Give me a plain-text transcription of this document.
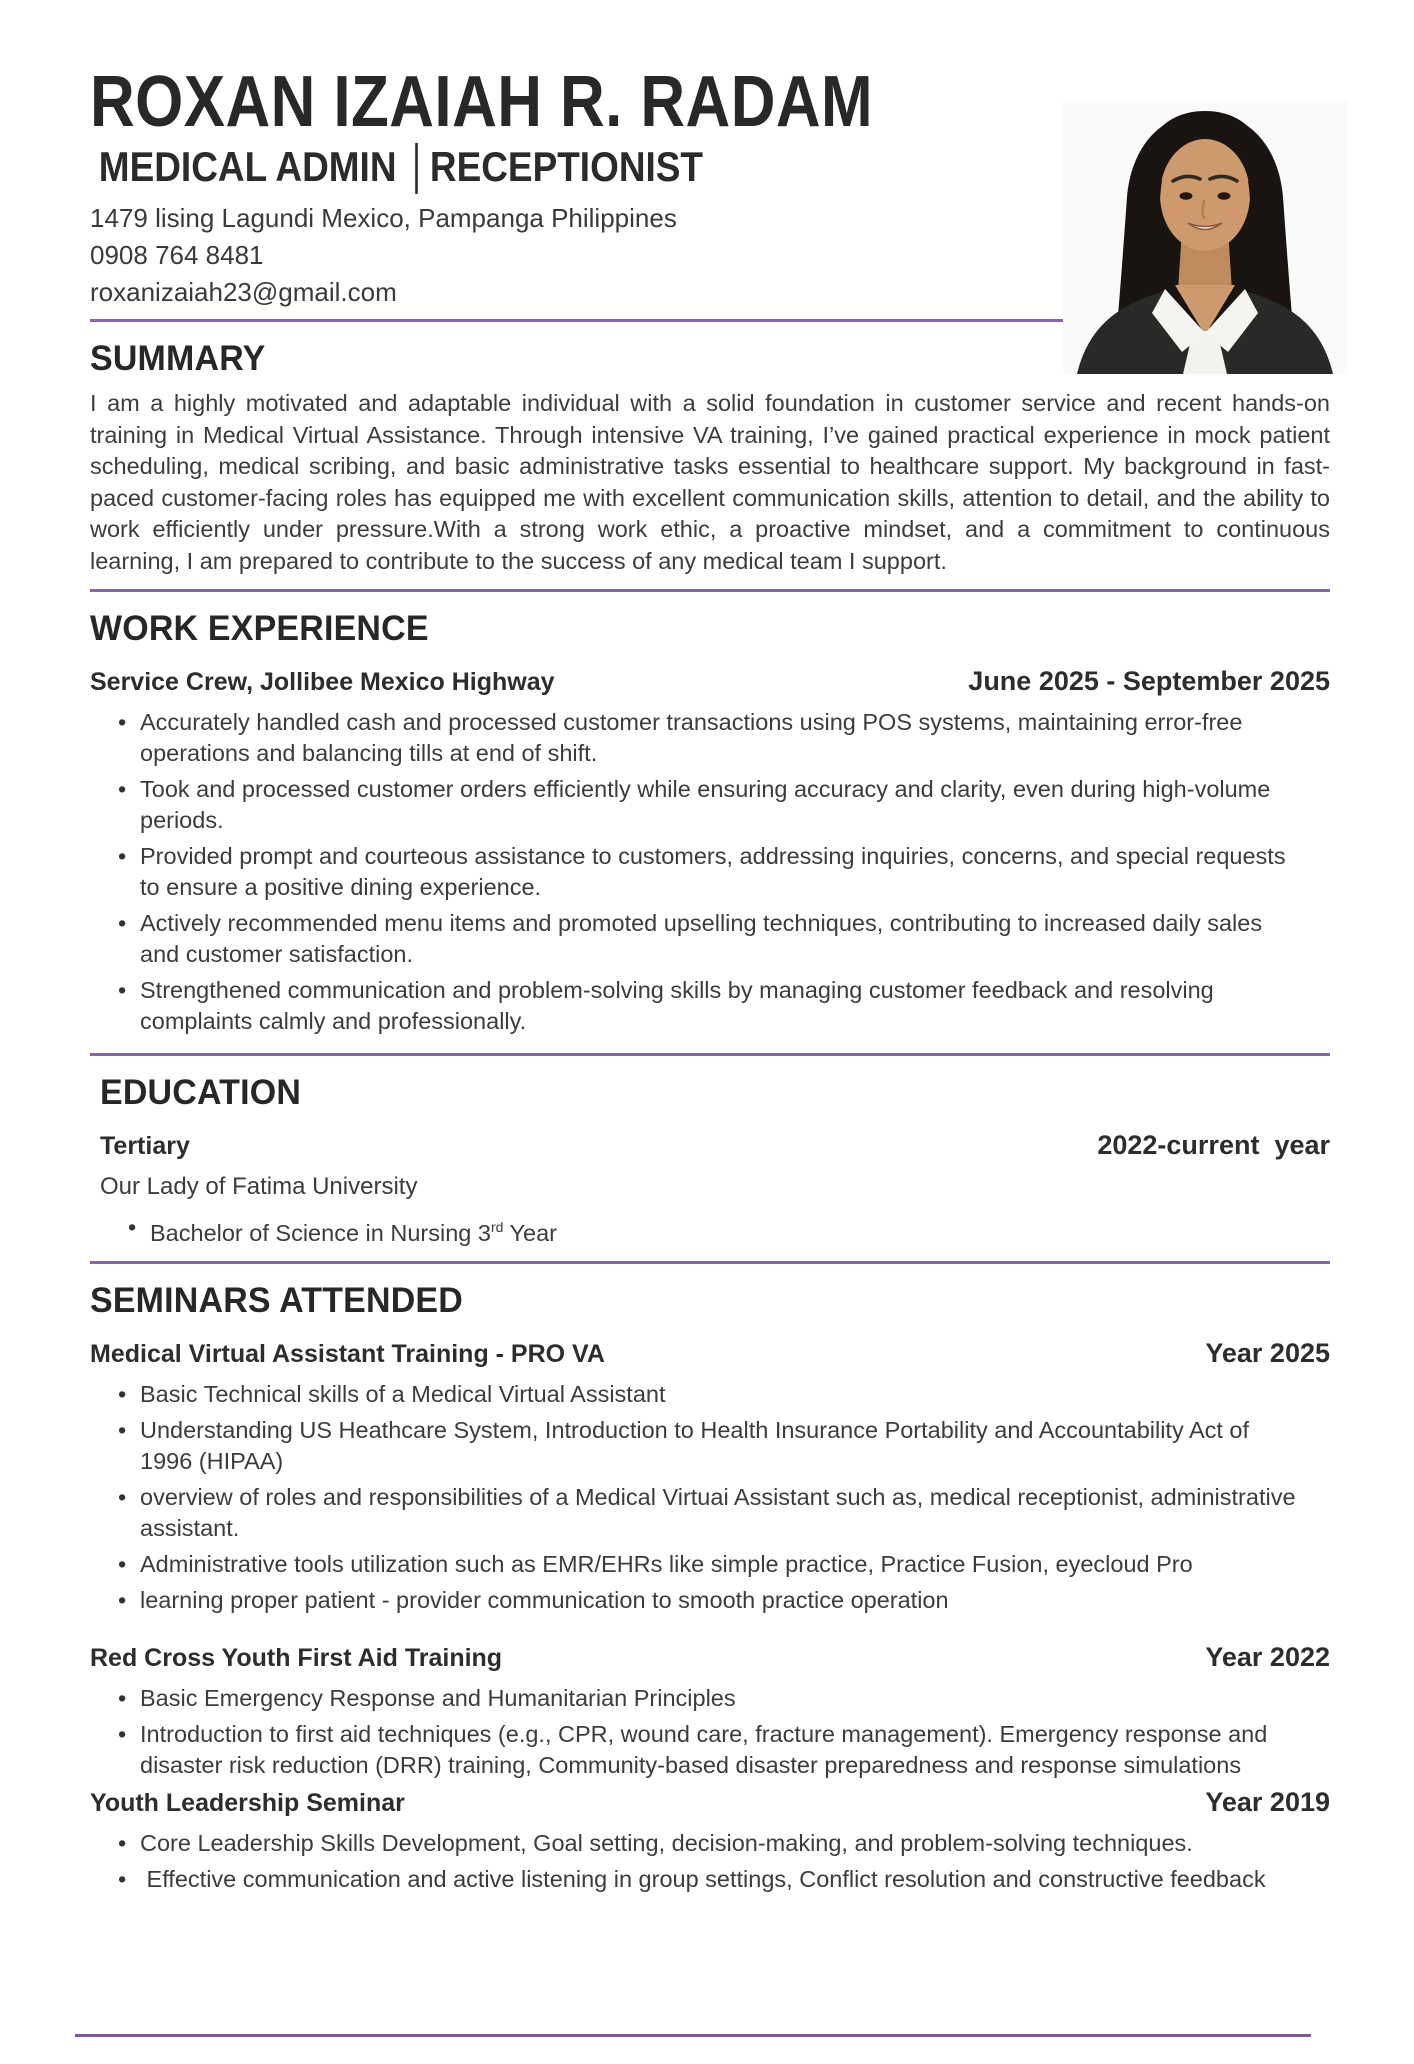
ROXAN IZAIAH R. RADAM
MEDICAL ADMIN │RECEPTIONIST
1479 lising Lagundi Mexico, Pampanga Philippines
0908 764 8481
roxanizaiah23@gmail.com
SUMMARY

I am a highly motivated and adaptable individual with a solid foundation in customer service and recent hands-on training in Medical Virtual Assistance. Through intensive VA training, I’ve gained practical experience in mock patient scheduling, medical scribing, and basic administrative tasks essential to healthcare support. My background in fast-paced customer-facing roles has equipped me with excellent communication skills, attention to detail, and the ability to work efficiently under pressure.With a strong work ethic, a proactive mindset, and a commitment to continuous learning, I am prepared to contribute to the success of any medical team I support.

WORK EXPERIENCE
Service Crew, Jollibee Mexico Highway	June 2025 - September 2025
• Accurately handled cash and processed customer transactions using POS systems, maintaining error-free operations and balancing tills at end of shift.
• Took and processed customer orders efficiently while ensuring accuracy and clarity, even during high-volume periods.
• Provided prompt and courteous assistance to customers, addressing inquiries, concerns, and special requests to ensure a positive dining experience.
• Actively recommended menu items and promoted upselling techniques, contributing to increased daily sales and customer satisfaction.
• Strengthened communication and problem-solving skills by managing customer feedback and resolving complaints calmly and professionally.
EDUCATION
Tertiary	2022-current  year
Our Lady of Fatima University
• Bachelor of Science in Nursing 3rd Year
SEMINARS ATTENDED
Medical Virtual Assistant Training - PRO VA	Year 2025
• Basic Technical skills of a Medical Virtual Assistant
• Understanding US Heathcare System, Introduction to Health Insurance Portability and Accountability Act of 1996 (HIPAA)
• overview of roles and responsibilities of a Medical Virtuai Assistant such as, medical receptionist, administrative assistant.
• Administrative tools utilization such as EMR/EHRs like simple practice, Practice Fusion, eyecloud Pro
• learning proper patient - provider communication to smooth practice operation
Red Cross Youth First Aid Training	Year 2022
• Basic Emergency Response and Humanitarian Principles
• Introduction to first aid techniques (e.g., CPR, wound care, fracture management). Emergency response and disaster risk reduction (DRR) training, Community-based disaster preparedness and response simulations
Youth Leadership Seminar	Year 2019
• Core Leadership Skills Development, Goal setting, decision-making, and problem-solving techniques.
•  Effective communication and active listening in group settings, Conflict resolution and constructive feedback
